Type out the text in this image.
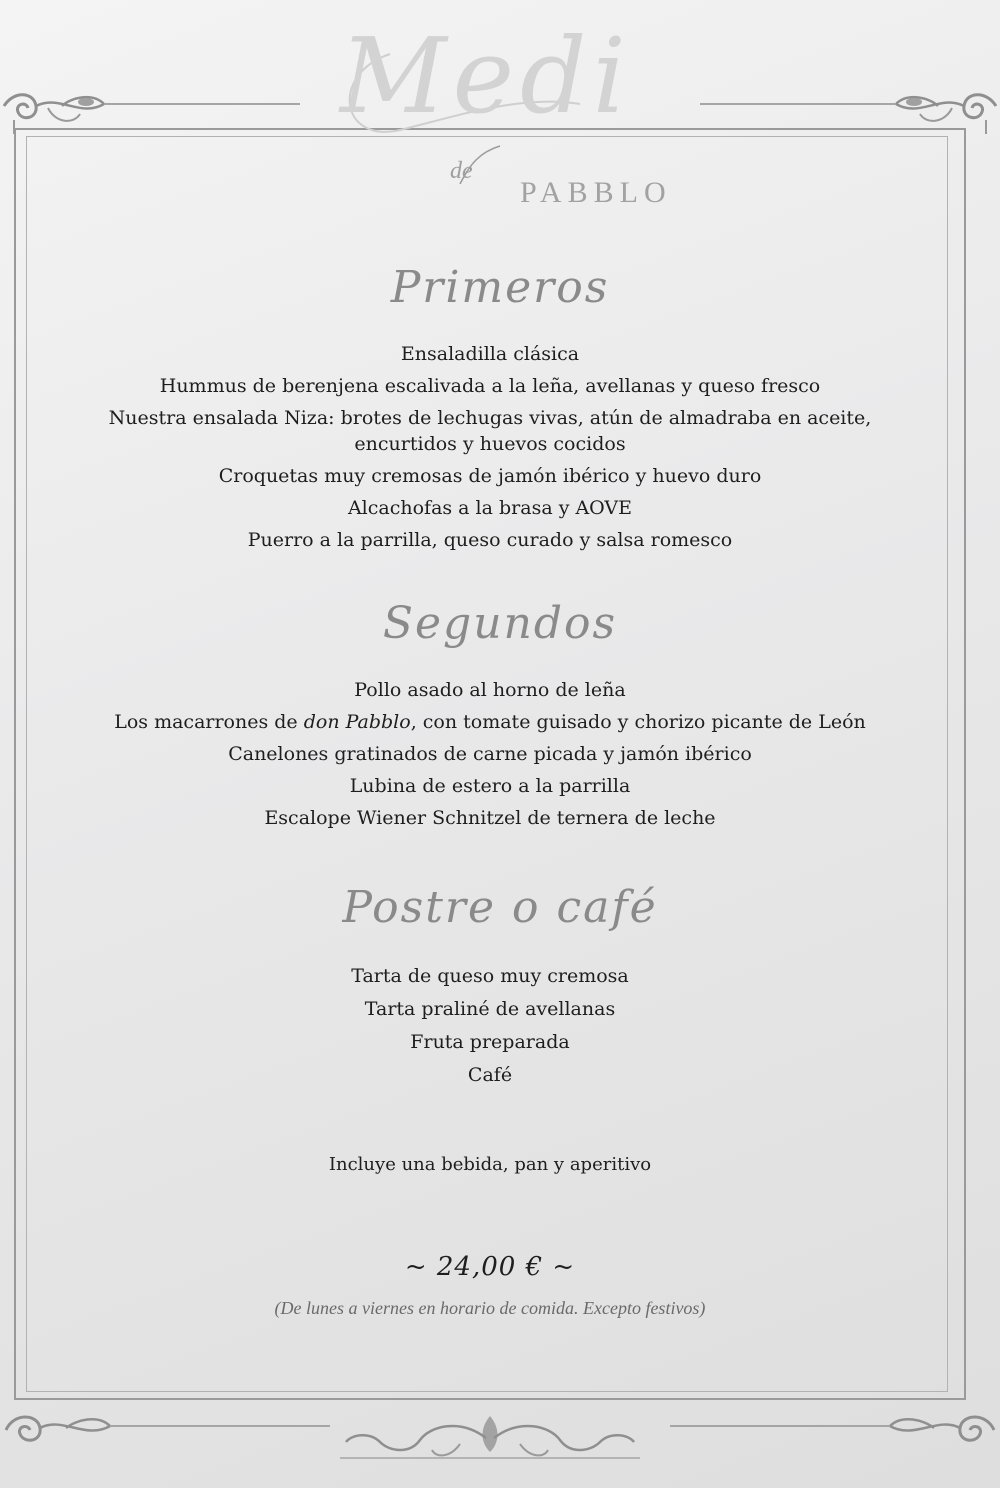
Medi
de
PABBLO
Primeros
Ensaladilla clásica
Hummus de berenjena escalivada a la leña, avellanas y queso fresco
Nuestra ensalada Niza: brotes de lechugas vivas, atún de almadraba en aceite,
encurtidos y huevos cocidos
Croquetas muy cremosas de jamón ibérico y huevo duro
Alcachofas a la brasa y AOVE
Puerro a la parrilla, queso curado y salsa romesco
Segundos
Pollo asado al horno de leña
Los macarrones de don Pabblo, con tomate guisado y chorizo picante de León
Canelones gratinados de carne picada y jamón ibérico
Lubina de estero a la parrilla
Escalope Wiener Schnitzel de ternera de leche
Postre o café
Tarta de queso muy cremosa
Tarta praliné de avellanas
Fruta preparada
Café
Incluye una bebida, pan y aperitivo
~ 24,00 € ~
(De lunes a viernes en horario de comida. Excepto festivos)
